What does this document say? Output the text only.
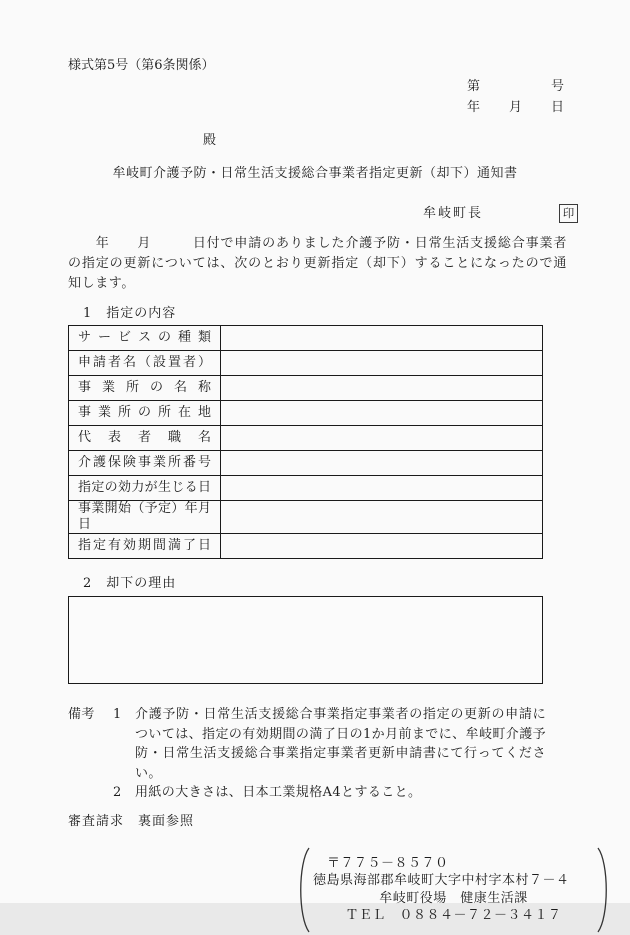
様式第5号（第6条関係）
第　　　　　号
年　　月　　日
殿
牟岐町介護予防・日常生活支援総合事業者指定更新（却下）通知書
牟岐町長	印
　　年　　月　　　日付で申請のありました介護予防・日常生活支援総合事業者の指定の更新については、次のとおり更新指定（却下）することになったので通知します。
1　指定の内容
サービスの種類	
申請者名（設置者）	
事業所の名称	
事業所の所在地	
代表者職名	
介護保険事業所番号	
指定の効力が生じる日	
事業開始（予定）年月日	
指定有効期間満了日	
2　却下の理由
備考	1	介護予防・日常生活支援総合事業指定事業者の指定の更新の申請については、指定の有効期間の満了日の1か月前までに、牟岐町介護予防・日常生活支援総合事業指定事業者更新申請書にて行ってください。
2	用紙の大きさは、日本工業規格A4とすること。
審査請求　裏面参照
〒７７５－８５７０
徳島県海部郡牟岐町大字中村字本村７－４
牟岐町役場　健康生活課
ＴＥＬ　０８８４－７２－３４１７
